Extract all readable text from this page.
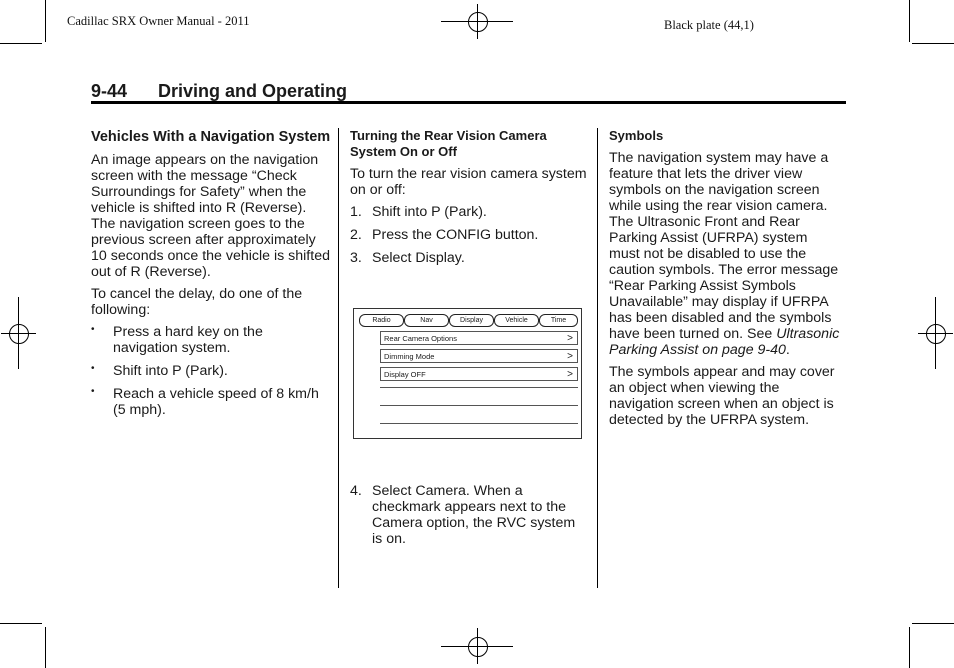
Cadillac SRX Owner Manual - 2011	Black plate (44,1)
9-44 Driving and Operating
Vehicles With a Navigation System

An image appears on the navigation screen with the message “Check Surroundings for Safety” when the vehicle is shifted into R (Reverse). The navigation screen goes to the previous screen after approximately 10 seconds once the vehicle is shifted out of R (Reverse).

To cancel the delay, do one of the following:

• Press a hard key on the navigation system.
• Shift into P (Park).
• Reach a vehicle speed of 8 km/h (5 mph).
Turning the Rear Vision Camera System On or Off

To turn the rear vision camera system on or off:

1. Shift into P (Park).
2. Press the CONFIG button.
3. Select Display.
Radio	Nav	Display	Vehicle	Time
Rear Camera Options	>
Dimming Mode	>
Display OFF	>
4. Select Camera. When a checkmark appears next to the Camera option, the RVC system is on.
Symbols

The navigation system may have a feature that lets the driver view symbols on the navigation screen while using the rear vision camera. The Ultrasonic Front and Rear Parking Assist (UFRPA) system must not be disabled to use the caution symbols. The error message “Rear Parking Assist Symbols Unavailable” may display if UFRPA has been disabled and the symbols have been turned on. See Ultrasonic Parking Assist on page 9-40.

The symbols appear and may cover an object when viewing the navigation screen when an object is detected by the UFRPA system.
